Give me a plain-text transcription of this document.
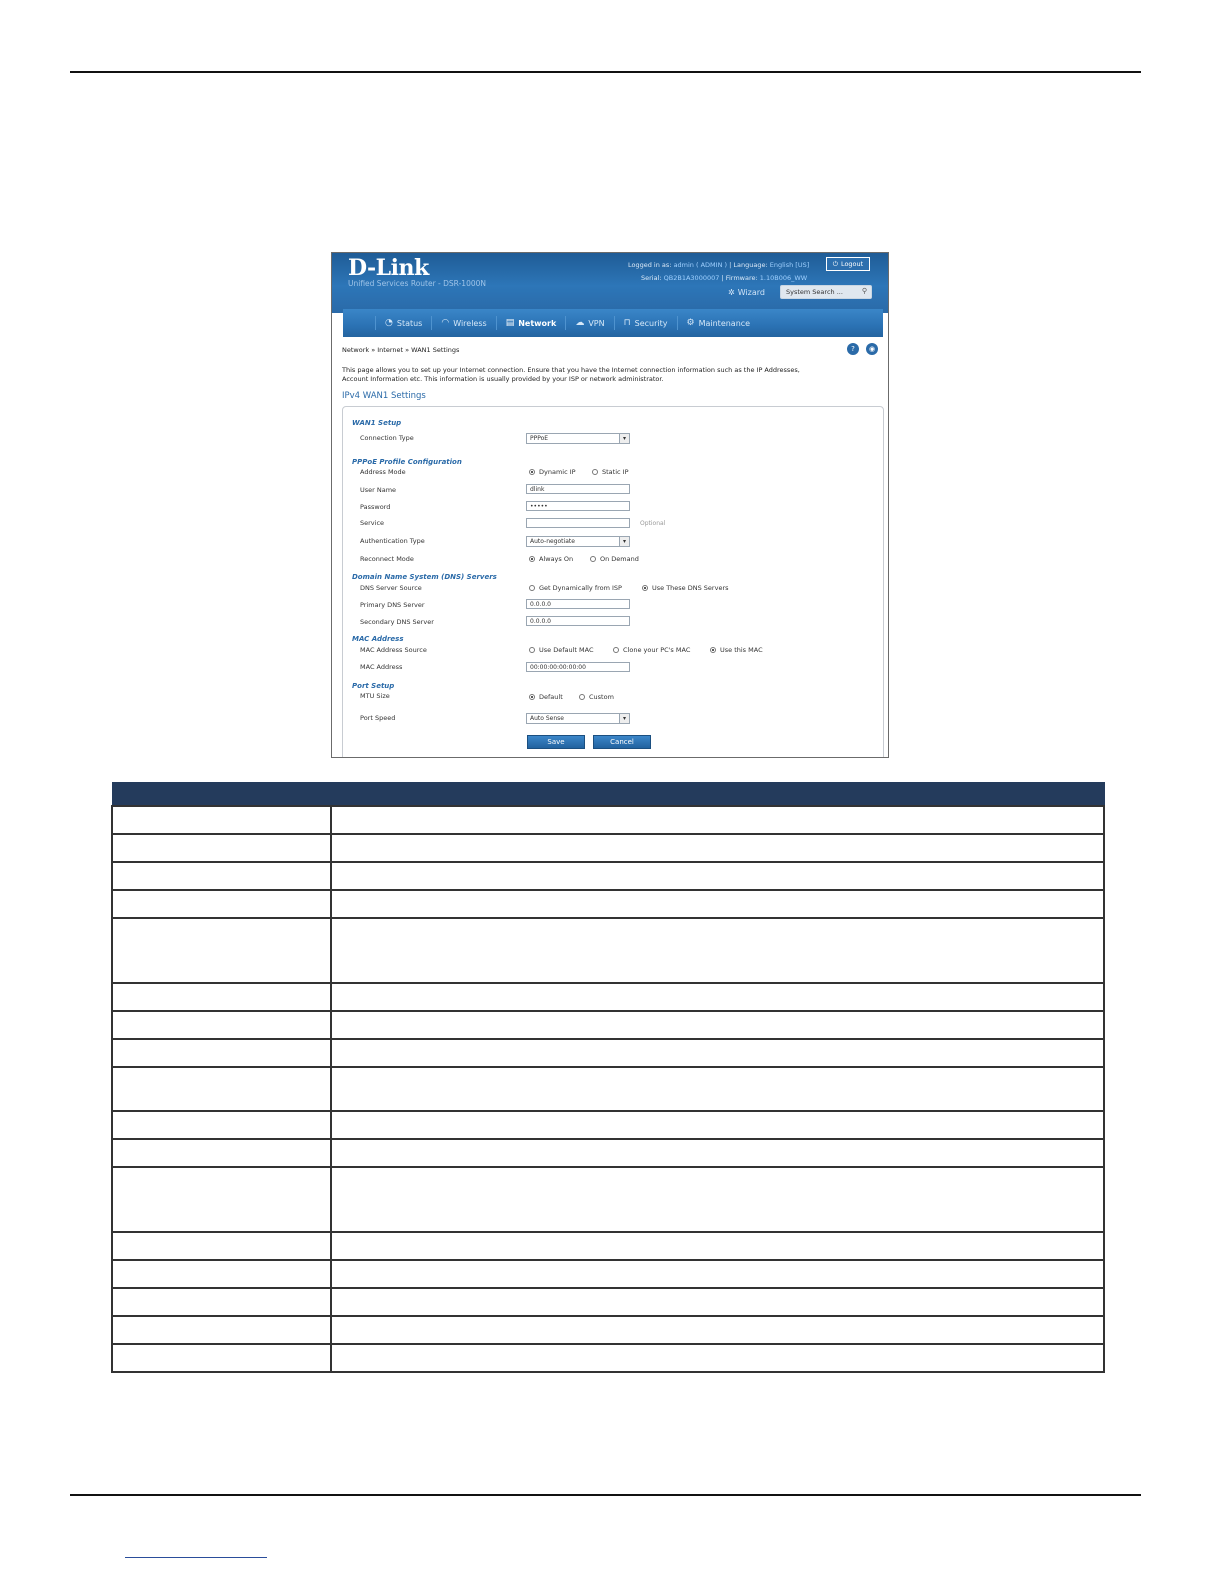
D-Link
Unified Services Router - DSR-1000N
Logged in as: admin ( ADMIN ) | Language: English [US]	⏻ Logout
Serial: QB2B1A3000007 | Firmware: 1.10B006_WW
✲ Wizard	System Search ...	⚲
◔ Status ◠ Wireless ▤ Network ☁ VPN ⊓ Security ⚙ Maintenance
Network » Internet » WAN1 Settings	?	◉
This page allows you to set up your Internet connection. Ensure that you have the Internet connection information such as the IP Addresses,
Account Information etc. This information is usually provided by your ISP or network administrator.
IPv4 WAN1 Settings
WAN1 Setup
Connection Type	PPPoE	▾
PPPoE Profile Configuration
Address Mode	Dynamic IP	Static IP
User Name	dlink
Password	•••••
Service	Optional
Authentication Type	Auto-negotiate	▾
Reconnect Mode	Always On	On Demand
Domain Name System (DNS) Servers
DNS Server Source	Get Dynamically from ISP	Use These DNS Servers
Primary DNS Server	0.0.0.0
Secondary DNS Server	0.0.0.0
MAC Address
MAC Address Source	Use Default MAC	Clone your PC's MAC	Use this MAC
MAC Address	00:00:00:00:00:00
Port Setup
MTU Size	Default	Custom
Port Speed	Auto Sense	▾
Save	Cancel
